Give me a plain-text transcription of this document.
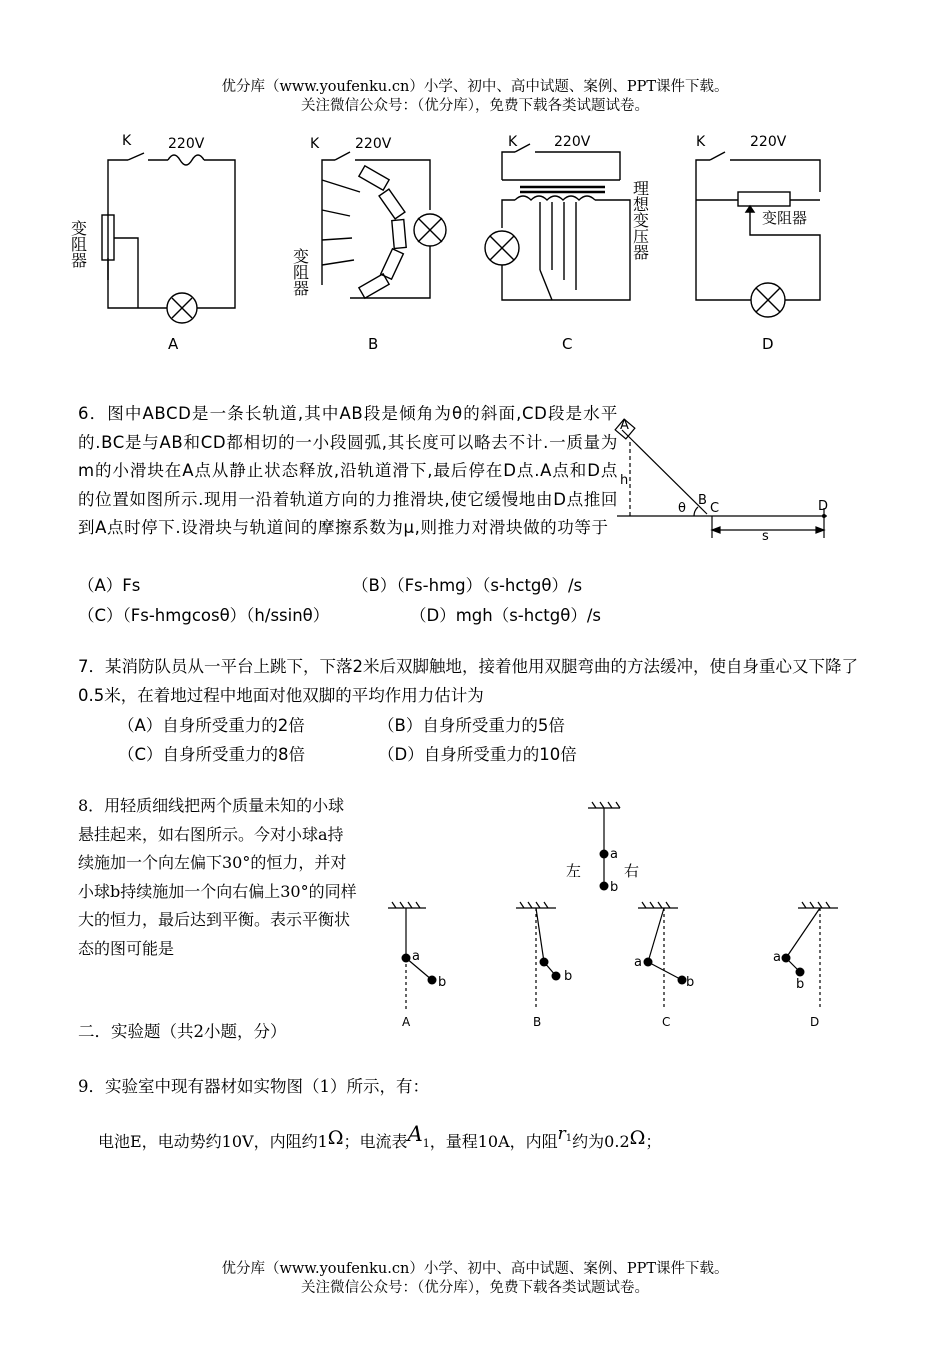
优分库（www.youfenku.cn）小学、初中、高中试题、案例、PPT课件下载。
关注微信公众号：（优分库），免费下载各类试题试卷。
K	220V	K	220V	K	220V	K	220V
变阻器
变阻器
理想变压器	变阻器
A	B	C	D
6．图中ABCD是一条长轨道,其中AB段是倾角为θ的斜面,CD段是水平的.BC是与AB和CD都相切的一小段圆弧,其长度可以略去不计.一质量为m的小滑块在A点从静止状态释放,沿轨道滑下,最后停在D点.A点和D点的位置如图所示.现用一沿着轨道方向的力推滑块,使它缓慢地由D点推回到A点时停下.设滑块与轨道间的摩擦系数为μ,则推力对滑块做的功等于
（A）Fs	（B）（Fs-hmg）（s-hctgθ）/s
（C）（Fs-hmgcosθ）（h/ssinθ）	（D）mgh（s-hctgθ）/s
A
B
C	D
h
θ
s
7．某消防队员从一平台上跳下，下落2米后双脚触地，接着他用双腿弯曲的方法缓冲，使自身重心又下降了0.5米，在着地过程中地面对他双脚的平均作用力估计为
（A）自身所受重力的2倍	（B）自身所受重力的5倍
（C）自身所受重力的8倍	（D）自身所受重力的10倍
8．用轻质细线把两个质量未知的小球悬挂起来，如右图所示。今对小球a持续施加一个向左偏下30°的恒力，并对小球b持续施加一个向右偏上30°的同样大的恒力，最后达到平衡。表示平衡状态的图可能是
a
b
左	右
a
b
a
b
a
b
a
b
A	B	C	D
二．实验题（共2小题，分）
9．实验室中现有器材如实物图（1）所示，有：
电池E，电动势约10V，内阻约1Ω；电流表A1，量程10A，内阻$r^1$约为0.2Ω；
优分库（www.youfenku.cn）小学、初中、高中试题、案例、PPT课件下载。
关注微信公众号：（优分库），免费下载各类试题试卷。
